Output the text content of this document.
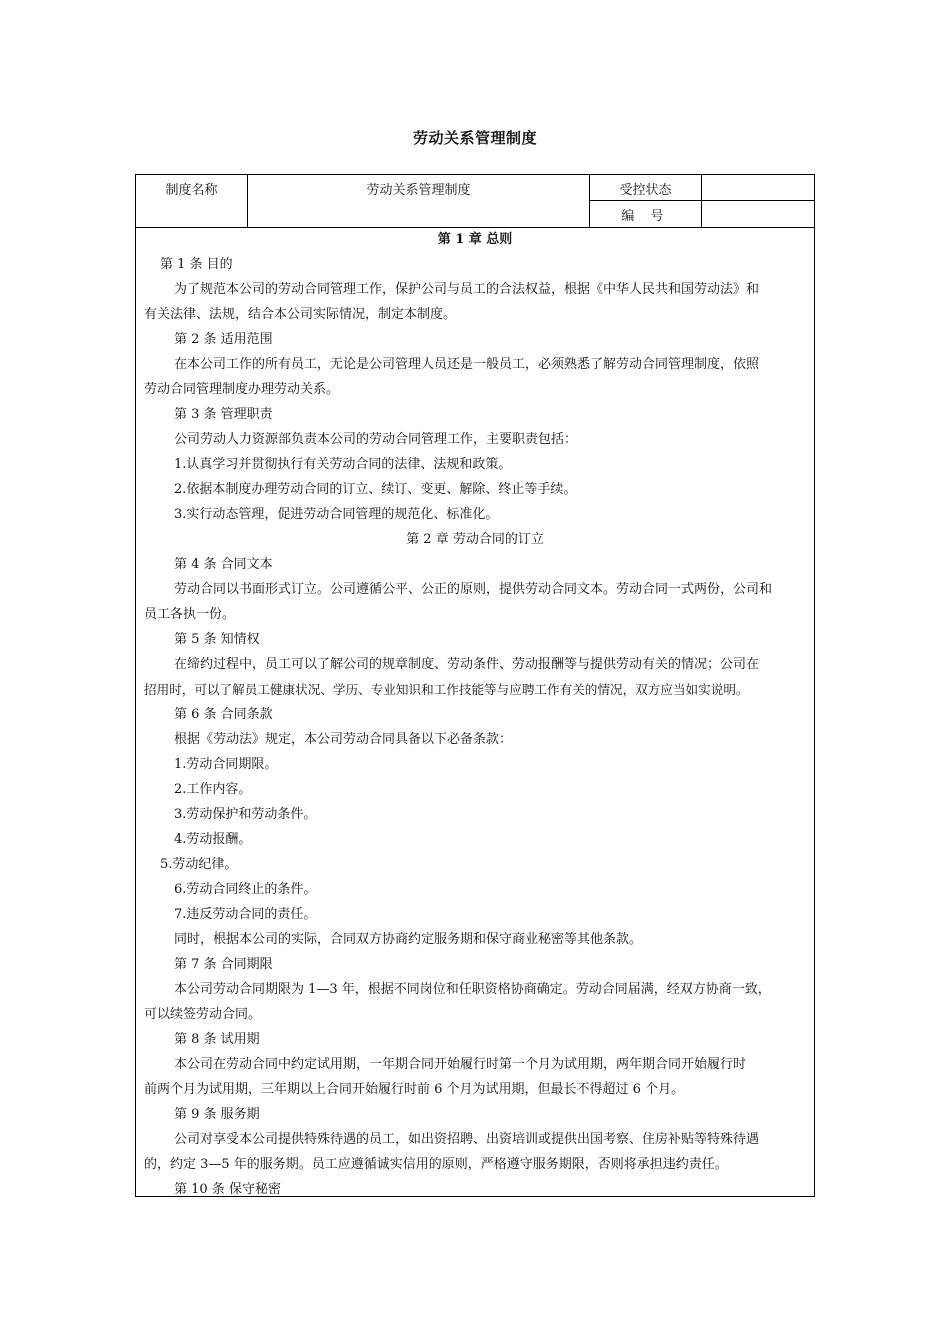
劳动关系管理制度
制度名称	劳动关系管理制度	受控状态
编 号
第 1 章 总则
第 1 条 目的
为了规范本公司的劳动合同管理工作，保护公司与员工的合法权益，根据《中华人民共和国劳动法》和
有关法律、法规，结合本公司实际情况，制定本制度。
第 2 条 适用范围
在本公司工作的所有员工，无论是公司管理人员还是一般员工，必须熟悉了解劳动合同管理制度，依照
劳动合同管理制度办理劳动关系。
第 3 条 管理职责
公司劳动人力资源部负责本公司的劳动合同管理工作，主要职责包括：
1.认真学习并贯彻执行有关劳动合同的法律、法规和政策。
2.依据本制度办理劳动合同的订立、续订、变更、解除、终止等手续。
3.实行动态管理，促进劳动合同管理的规范化、标准化。
第 2 章 劳动合同的订立
第 4 条 合同文本
劳动合同以书面形式订立。公司遵循公平、公正的原则，提供劳动合同文本。劳动合同一式两份，公司和
员工各执一份。
第 5 条 知情权
在缔约过程中，员工可以了解公司的规章制度、劳动条件、劳动报酬等与提供劳动有关的情况；公司在
招用时，可以了解员工健康状况、学历、专业知识和工作技能等与应聘工作有关的情况，双方应当如实说明。
第 6 条 合同条款
根据《劳动法》规定，本公司劳动合同具备以下必备条款：
1.劳动合同期限。
2.工作内容。
3.劳动保护和劳动条件。
4.劳动报酬。
5.劳动纪律。
6.劳动合同终止的条件。
7.违反劳动合同的责任。
同时，根据本公司的实际，合同双方协商约定服务期和保守商业秘密等其他条款。
第 7 条 合同期限
本公司劳动合同期限为 1—3 年，根据不同岗位和任职资格协商确定。劳动合同届满，经双方协商一致，
可以续签劳动合同。
第 8 条 试用期
本公司在劳动合同中约定试用期，一年期合同开始履行时第一个月为试用期，两年期合同开始履行时
前两个月为试用期，三年期以上合同开始履行时前 6 个月为试用期，但最长不得超过 6 个月。
第 9 条 服务期
公司对享受本公司提供特殊待遇的员工，如出资招聘、出资培训或提供出国考察、住房补贴等特殊待遇
的，约定 3—5 年的服务期。员工应遵循诚实信用的原则，严格遵守服务期限，否则将承担违约责任。
第 10 条 保守秘密
